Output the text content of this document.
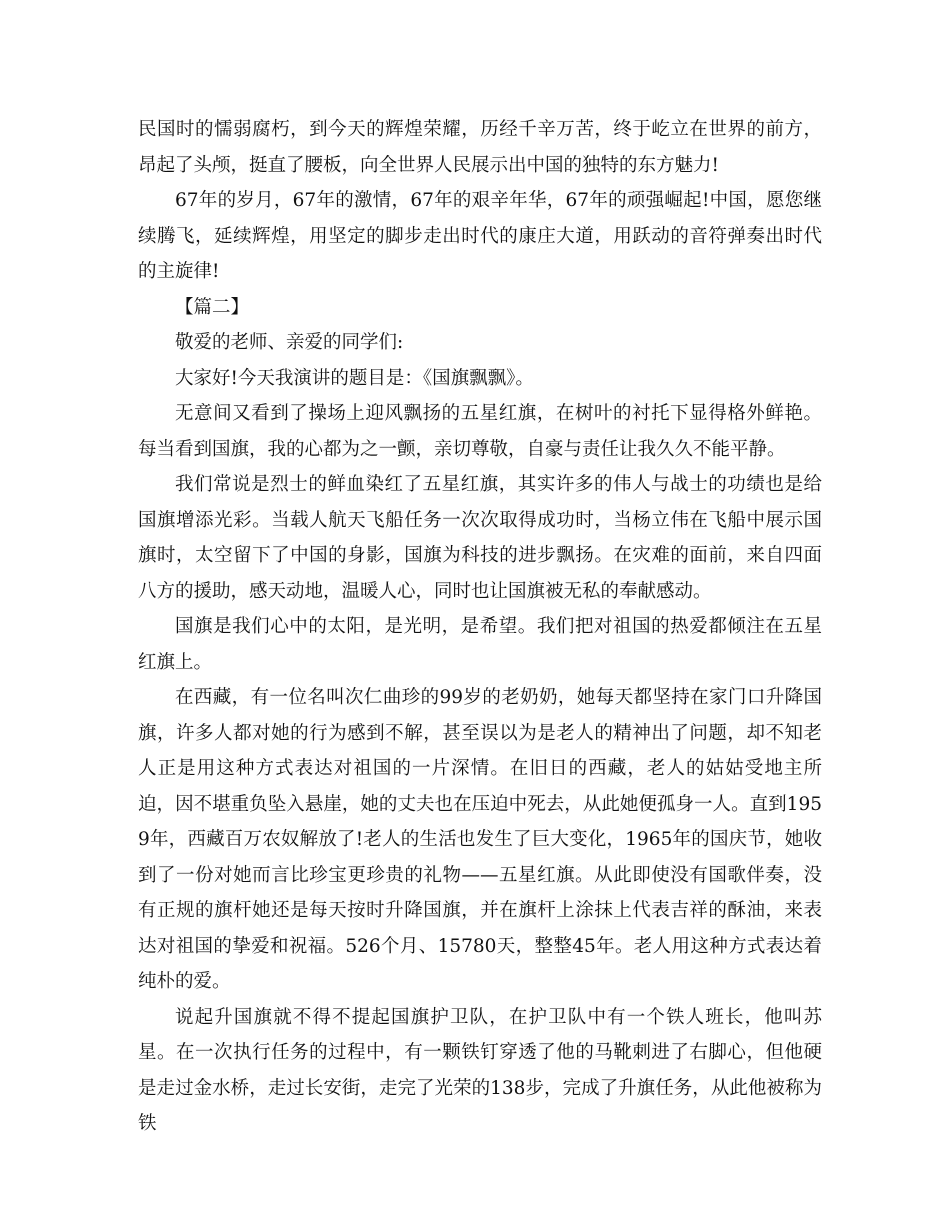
民国时的懦弱腐朽，到今天的辉煌荣耀，历经千辛万苦，终于屹立在世界的前方，昂起了头颅，挺直了腰板，向全世界人民展示出中国的独特的东方魅力!

67年的岁月，67年的激情，67年的艰辛年华，67年的顽强崛起!中国，愿您继续腾飞，延续辉煌，用坚定的脚步走出时代的康庄大道，用跃动的音符弹奏出时代的主旋律!

【篇二】

敬爱的老师、亲爱的同学们:

大家好!今天我演讲的题目是：《国旗飘飘》。

无意间又看到了操场上迎风飘扬的五星红旗，在树叶的衬托下显得格外鲜艳。每当看到国旗，我的心都为之一颤，亲切尊敬，自豪与责任让我久久不能平静。

我们常说是烈士的鲜血染红了五星红旗，其实许多的伟人与战士的功绩也是给国旗增添光彩。当载人航天飞船任务一次次取得成功时，当杨立伟在飞船中展示国旗时，太空留下了中国的身影，国旗为科技的进步飘扬。在灾难的面前，来自四面八方的援助，感天动地，温暖人心，同时也让国旗被无私的奉献感动。

国旗是我们心中的太阳，是光明，是希望。我们把对祖国的热爱都倾注在五星红旗上。

在西藏，有一位名叫次仁曲珍的99岁的老奶奶，她每天都坚持在家门口升降国旗，许多人都对她的行为感到不解，甚至误以为是老人的精神出了问题，却不知老人正是用这种方式表达对祖国的一片深情。在旧日的西藏，老人的姑姑受地主所迫，因不堪重负坠入悬崖，她的丈夫也在压迫中死去，从此她便孤身一人。直到1959年，西藏百万农奴解放了!老人的生活也发生了巨大变化，1965年的国庆节，她收到了一份对她而言比珍宝更珍贵的礼物——五星红旗。从此即使没有国歌伴奏，没有正规的旗杆她还是每天按时升降国旗，并在旗杆上涂抹上代表吉祥的酥油，来表达对祖国的挚爱和祝福。526个月、15780天，整整45年。老人用这种方式表达着纯朴的爱。

说起升国旗就不得不提起国旗护卫队，在护卫队中有一个铁人班长，他叫苏星。在一次执行任务的过程中，有一颗铁钉穿透了他的马靴刺进了右脚心，但他硬是走过金水桥，走过长安街，走完了光荣的138步，完成了升旗任务，从此他被称为铁
